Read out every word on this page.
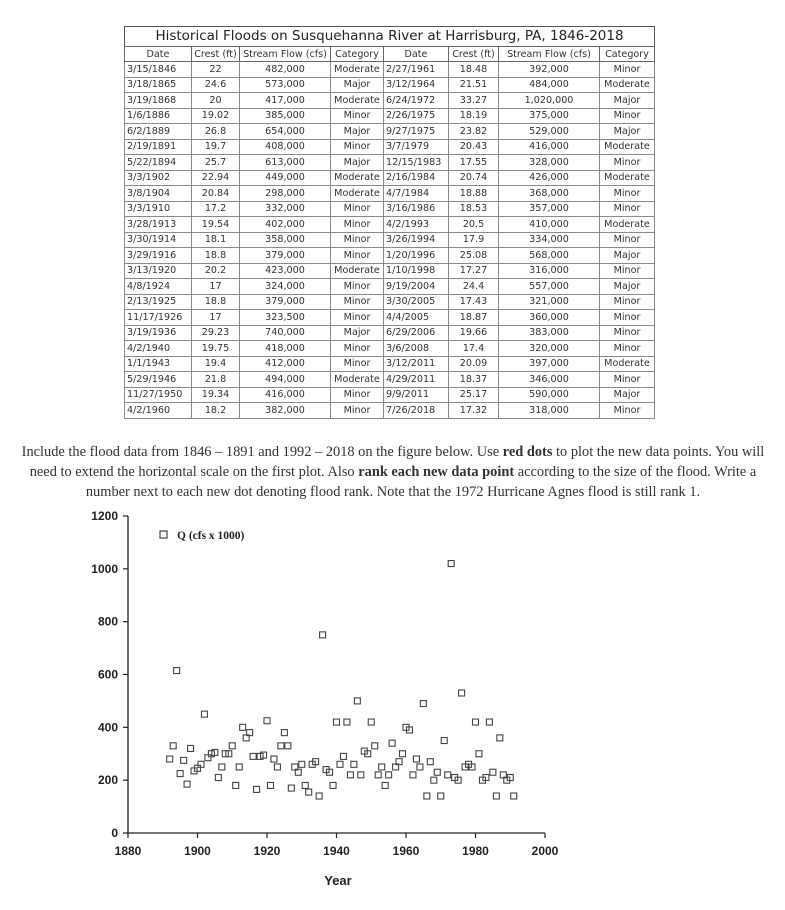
Historical Floods on Susquehanna River at Harrisburg, PA, 1846-2018
Date	Crest (ft)	Stream Flow (cfs)	Category	Date	Crest (ft)	Stream Flow (cfs)	Category
3/15/1846	22	482,000	Moderate	2/27/1961	18.48	392,000	Minor
3/18/1865	24.6	573,000	Major	3/12/1964	21.51	484,000	Moderate
3/19/1868	20	417,000	Moderate	6/24/1972	33.27	1,020,000	Major
1/6/1886	19.02	385,000	Minor	2/26/1975	18.19	375,000	Minor
6/2/1889	26.8	654,000	Major	9/27/1975	23.82	529,000	Major
2/19/1891	19.7	408,000	Minor	3/7/1979	20.43	416,000	Moderate
5/22/1894	25.7	613,000	Major	12/15/1983	17.55	328,000	Minor
3/3/1902	22.94	449,000	Moderate	2/16/1984	20.74	426,000	Moderate
3/8/1904	20.84	298,000	Moderate	4/7/1984	18.88	368,000	Minor
3/3/1910	17.2	332,000	Minor	3/16/1986	18.53	357,000	Minor
3/28/1913	19.54	402,000	Minor	4/2/1993	20.5	410,000	Moderate
3/30/1914	18.1	358,000	Minor	3/26/1994	17.9	334,000	Minor
3/29/1916	18.8	379,000	Minor	1/20/1996	25.08	568,000	Major
3/13/1920	20.2	423,000	Moderate	1/10/1998	17.27	316,000	Minor
4/8/1924	17	324,000	Minor	9/19/2004	24.4	557,000	Major
2/13/1925	18.8	379,000	Minor	3/30/2005	17.43	321,000	Minor
11/17/1926	17	323,500	Minor	4/4/2005	18.87	360,000	Minor
3/19/1936	29.23	740,000	Major	6/29/2006	19.66	383,000	Minor
4/2/1940	19.75	418,000	Minor	3/6/2008	17.4	320,000	Minor
1/1/1943	19.4	412,000	Minor	3/12/2011	20.09	397,000	Moderate
5/29/1946	21.8	494,000	Moderate	4/29/2011	18.37	346,000	Minor
11/27/1950	19.34	416,000	Minor	9/9/2011	25.17	590,000	Major
4/2/1960	18.2	382,000	Minor	7/26/2018	17.32	318,000	Minor

Include the flood data from 1846 – 1891 and 1992 – 2018 on the figure below. Use red dots to plot the new data points. You will need to extend the horizontal scale on the first plot. Also rank each new data point according to the size of the flood. Write a number next to each new dot denoting flood rank. Note that the 1972 Hurricane Agnes flood is still rank 1.

1880	1900	1920	1940	1960	1980	2000
0
200
400
600
800
1000
1200
Q (cfs x 1000)
Year
